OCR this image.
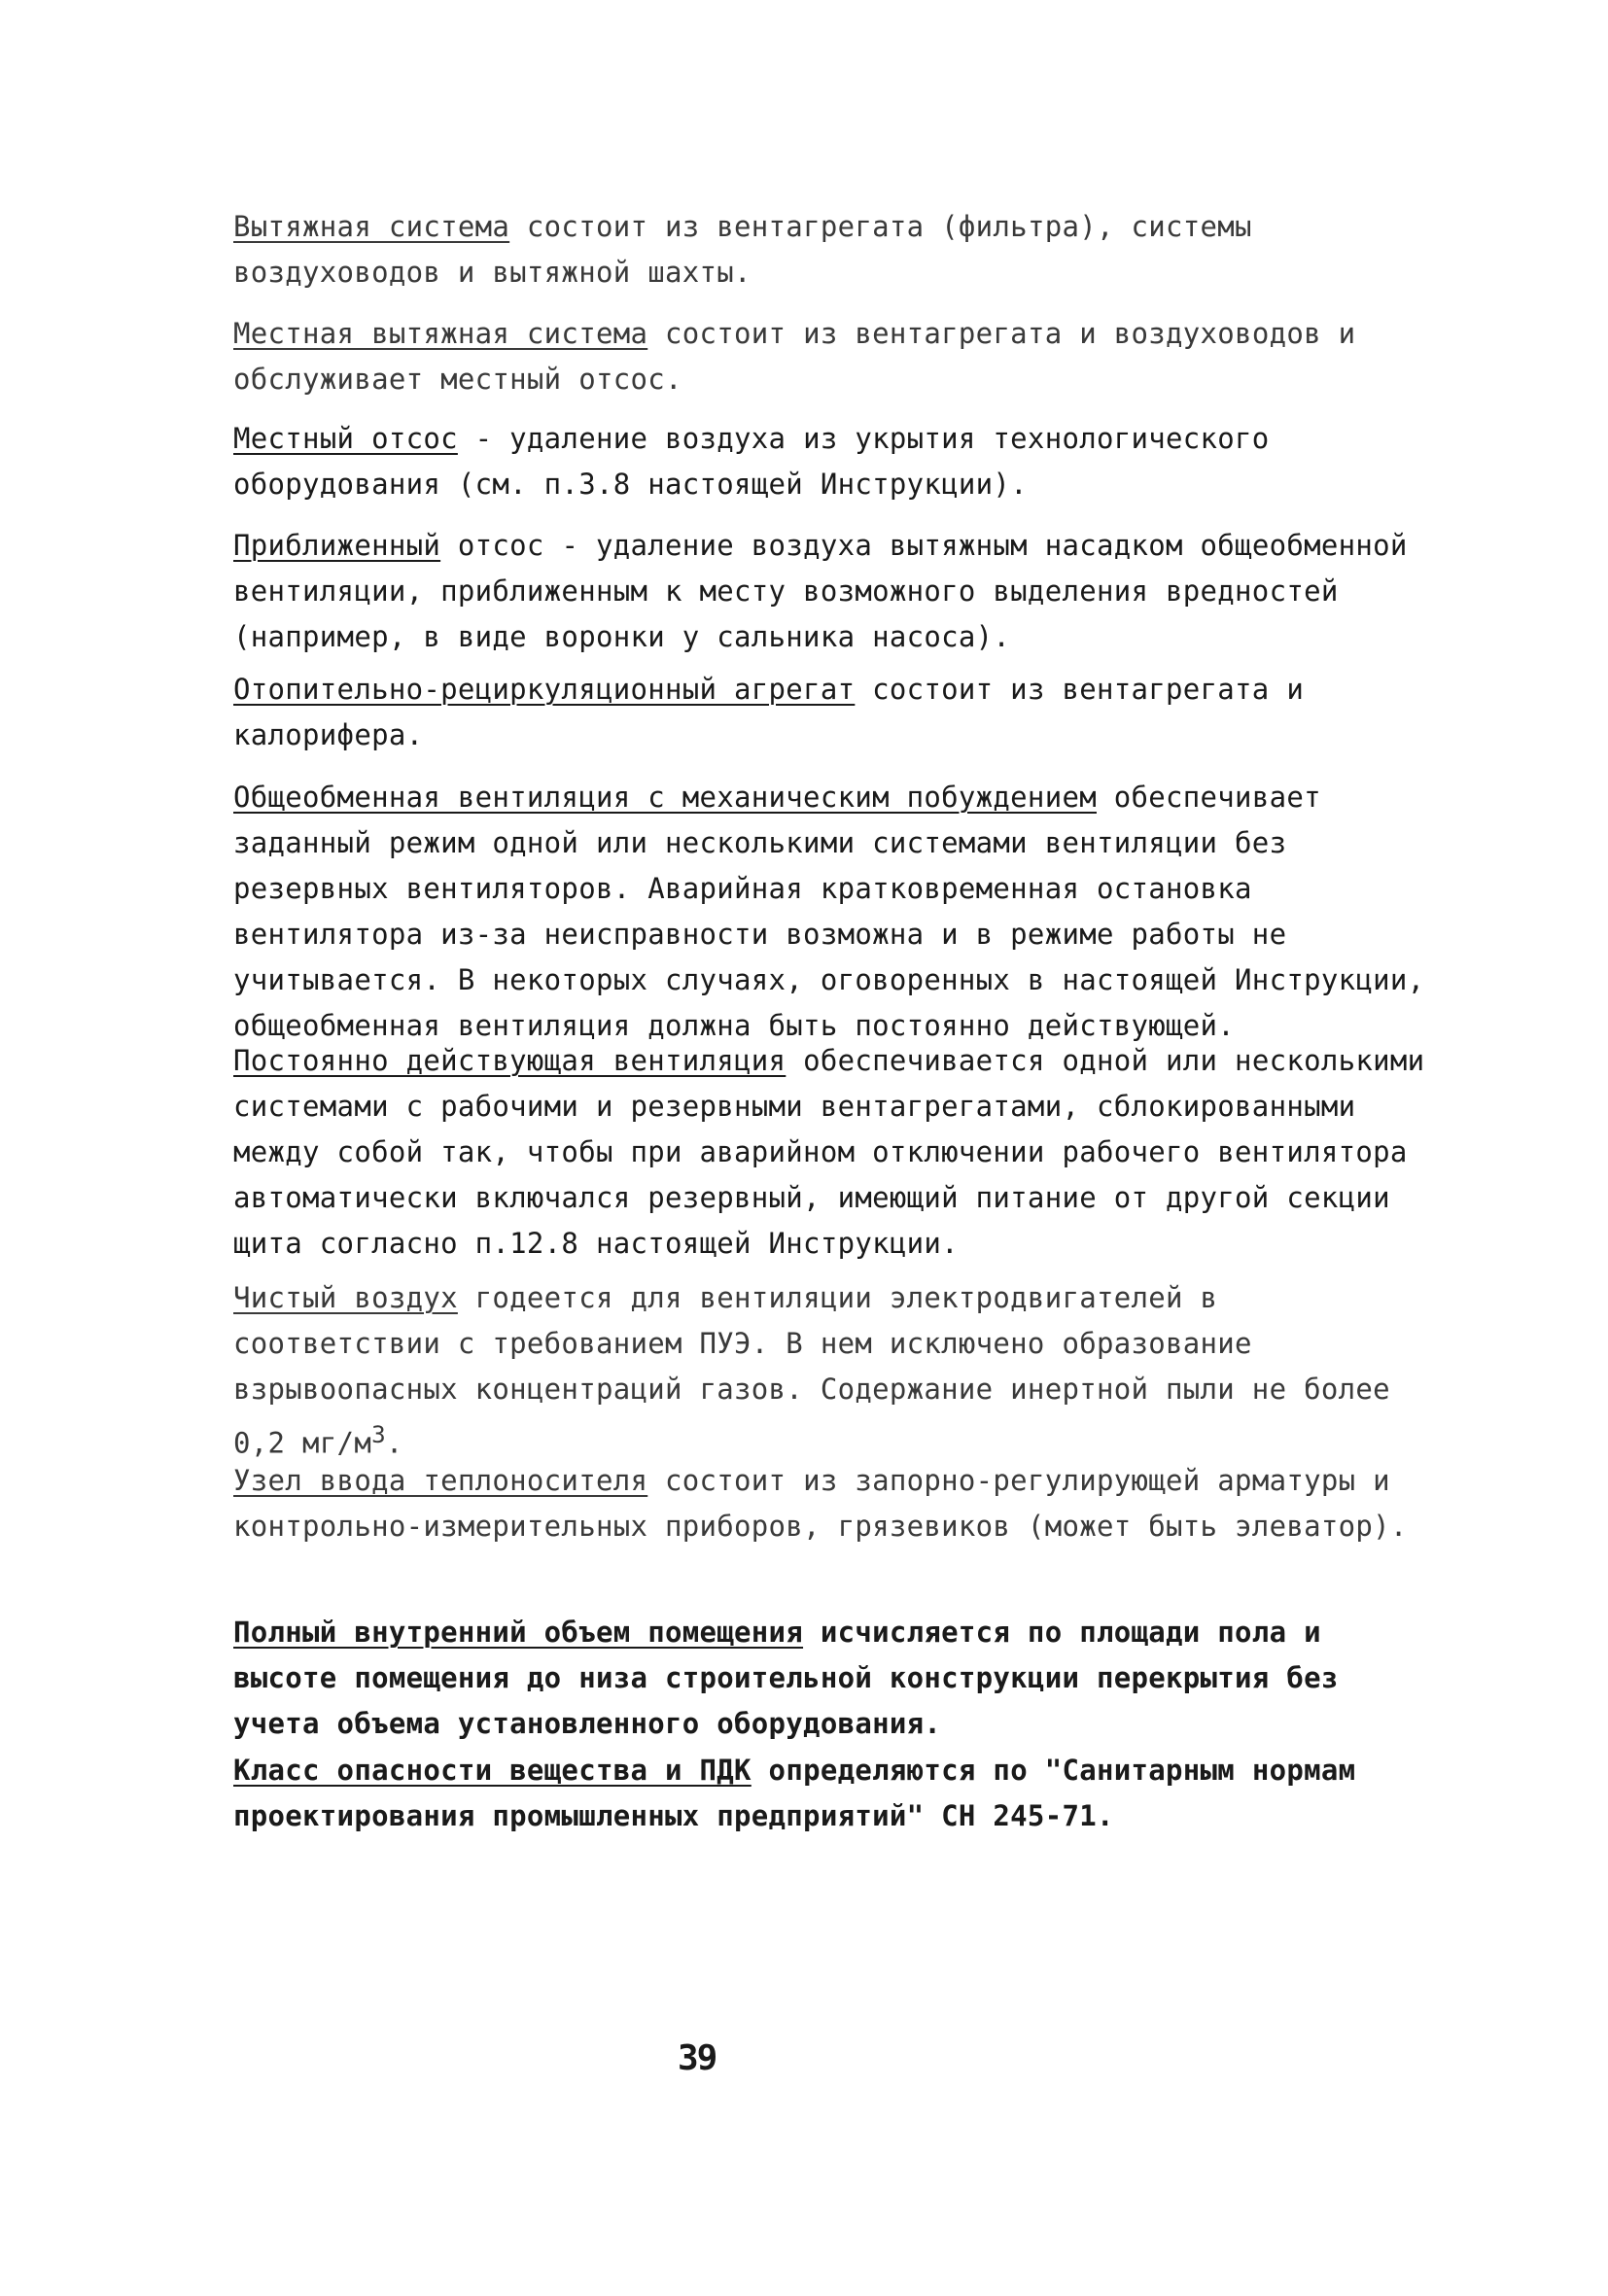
Вытяжная система состоит из вентагрегата (фильтра), системы воздуховодов и вытяжной шахты.

Местная вытяжная система состоит из вентагрегата и воздуховодов и обслуживает местный отсос.

Местный отсос - удаление воздуха из укрытия технологического оборудования (см. п.3.8 настоящей Инструкции).

Приближенный отсос - удаление воздуха вытяжным насадком общеобменной вентиляции, приближенным к месту возможного выделения вредностей (например, в виде воронки у сальника насоса).

Отопительно-рециркуляционный агрегат состоит из вентагрегата и калорифера.

Общеобменная вентиляция с механическим побуждением обеспечивает заданный режим одной или несколькими системами вентиляции без резервных вентиляторов. Аварийная кратковременная остановка вентилятора из-за неисправности возможна и в режиме работы не учитывается. В некоторых случаях, оговоренных в настоящей Инструкции, общеобменная вентиляция должна быть постоянно действующей.

Постоянно действующая вентиляция обеспечивается одной или несколькими системами с рабочими и резервными вентагрегатами, сблокированными между собой так, чтобы при аварийном отключении рабочего вентилятора автоматически включался резервный, имеющий питание от другой секции щита согласно п.12.8 настоящей Инструкции.

Чистый воздух годеется для вентиляции электродвигателей в соответствии с требованием ПУЭ. В нем исключено образование взрывоопасных концентраций газов. Содержание инертной пыли не более 0,2 $мг/м^3$.

Узел ввода теплоносителя состоит из запорно-регулирующей арматуры и контрольно-измерительных приборов, грязевиков (может быть элеватор).

Полный внутренний объем помещения исчисляется по площади пола и высоте помещения до низа строительной конструкции перекрытия без учета объема установленного оборудования.

Класс опасности вещества и ПДК определяются по "Санитарным нормам проектирования промышленных предприятий" СН 245-71.

39
